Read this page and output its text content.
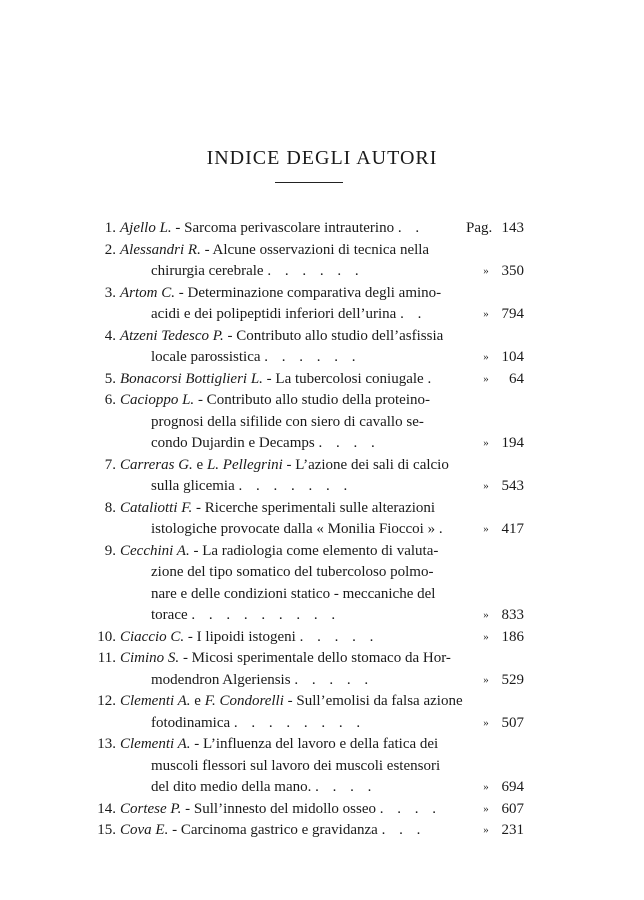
INDICE DEGLI AUTORI
1. Ajello L. - Sarcoma perivascolare intrauterino . .	Pag. 143
2. Alessandri R. - Alcune osservazioni di tecnica nella
chirurgia cerebrale . . . . . .	» 350
3. Artom C. - Determinazione comparativa degli amino-
acidi e dei polipeptidi inferiori dell’urina . .	» 794
4. Atzeni Tedesco P. - Contributo allo studio dell’asfissia
locale parossistica . . . . . .	» 104
5. Bonacorsi Bottiglieri L. - La tubercolosi coniugale .	»	64
6. Cacioppo L. - Contributo allo studio della proteino-
prognosi della sifilide con siero di cavallo se-
condo Dujardin e Decamps . . . .	» 194
7. Carreras G. e L. Pellegrini - L’azione dei sali di calcio
sulla glicemia . . . . . . .	» 543
8. Cataliotti F. - Ricerche sperimentali sulle alterazioni
istologiche provocate dalla « Monilia Fioccoi » .	» 417
9. Cecchini A. - La radiologia come elemento di valuta-
zione del tipo somatico del tubercoloso polmo-
nare e delle condizioni statico - meccaniche del
torace . . . . . . . . .	» 833
10. Ciaccio C. - I lipoidi istogeni . . . . .	» 186
11. Cimino S. - Micosi sperimentale dello stomaco da Hor-
modendron Algeriensis . . . . .	» 529
12. Clementi A. e F. Condorelli - Sull’emolisi da falsa azione
fotodinamica . . . . . . . .	» 507
13. Clementi A. - L’influenza del lavoro e della fatica dei
muscoli flessori sul lavoro dei muscoli estensori
del dito medio della mano. . . . .	» 694
14. Cortese P. - Sull’innesto del midollo osseo . . . .	» 607
15. Cova E. - Carcinoma gastrico e gravidanza . . .	» 231
